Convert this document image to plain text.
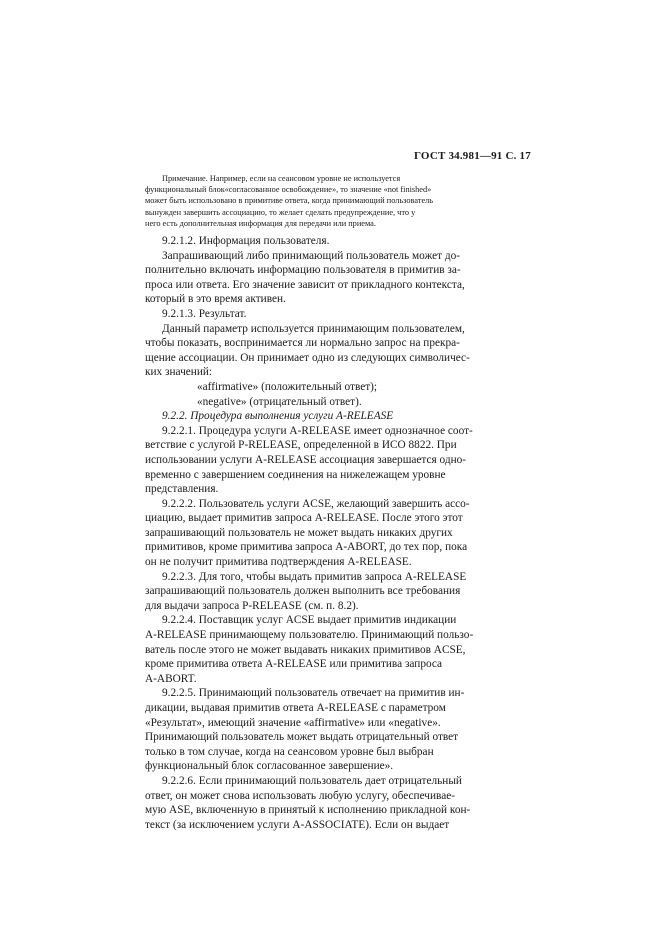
ГОСТ 34.981—91 С. 17
Примечание. Например, если на сеансовом уровне не используется
функциональный блок«согласованное освобождение», то значение «not finished»
может быть использовано в примитиве ответа, когда принимающий пользователь
вынужден завершить ассоциацию, то желает сделать предупреждение, что у
него есть дополнительная информация для передачи или приема.
9.2.1.2. Информация пользователя.
Запрашивающий либо принимающий пользователь может до-
полнительно включать информацию пользователя в примитив за-
проса или ответа. Его значение зависит от прикладного контекста,
который в это время активен.
9.2.1.3. Результат.
Данный параметр используется принимающим пользователем,
чтобы показать, воспринимается ли нормально запрос на прекра-
щение ассоциации. Он принимает одно из следующих символичес-
ких значений:
«affirmative» (положительный ответ);
«negative» (отрицательный ответ).
9.2.2. Процедура выполнения услуги A-RELEASE
9.2.2.1. Процедура услуги A-RELEASE имеет однозначное соот-
ветствие с услугой P-RELEASE, определенной в ИСО 8822. При
использовании услуги A-RELEASE ассоциация завершается одно-
временно с завершением соединения на нижележащем уровне
представления.
9.2.2.2. Пользователь услуги ACSE, желающий завершить ассо-
циацию, выдает примитив запроса A-RELEASE. После этого этот
запрашивающий пользователь не может выдать никаких других
примитивов, кроме примитива запроса A-ABORT, до тех пор, пока
он не получит примитива подтверждения A-RELEASE.
9.2.2.3. Для того, чтобы выдать примитив запроса A-RELEASE
запрашивающий пользователь должен выполнить все требования
для выдачи запроса P-RELEASE (см. п. 8.2).
9.2.2.4. Поставщик услуг ACSE выдает примитив индикации
A-RELEASE принимающему пользователю. Принимающий пользо-
ватель после этого не может выдавать никаких примитивов ACSE,
кроме примитива ответа A-RELEASE или примитива запроса
A-ABORT.
9.2.2.5. Принимающий пользователь отвечает на примитив ин-
дикации, выдавая примитив ответа A-RELEASE с параметром
«Результат», имеющий значение «affirmative» или «negative».
Принимающий пользователь может выдать отрицательный ответ
только в том случае, когда на сеансовом уровне был выбран
функциональный блок согласованное завершение».
9.2.2.6. Если принимающий пользователь дает отрицательный
ответ, он может снова использовать любую услугу, обеспечивае-
мую ASE, включенную в принятый к исполнению прикладной кон-
текст (за исключением услуги A-ASSOCIATE). Если он выдает
